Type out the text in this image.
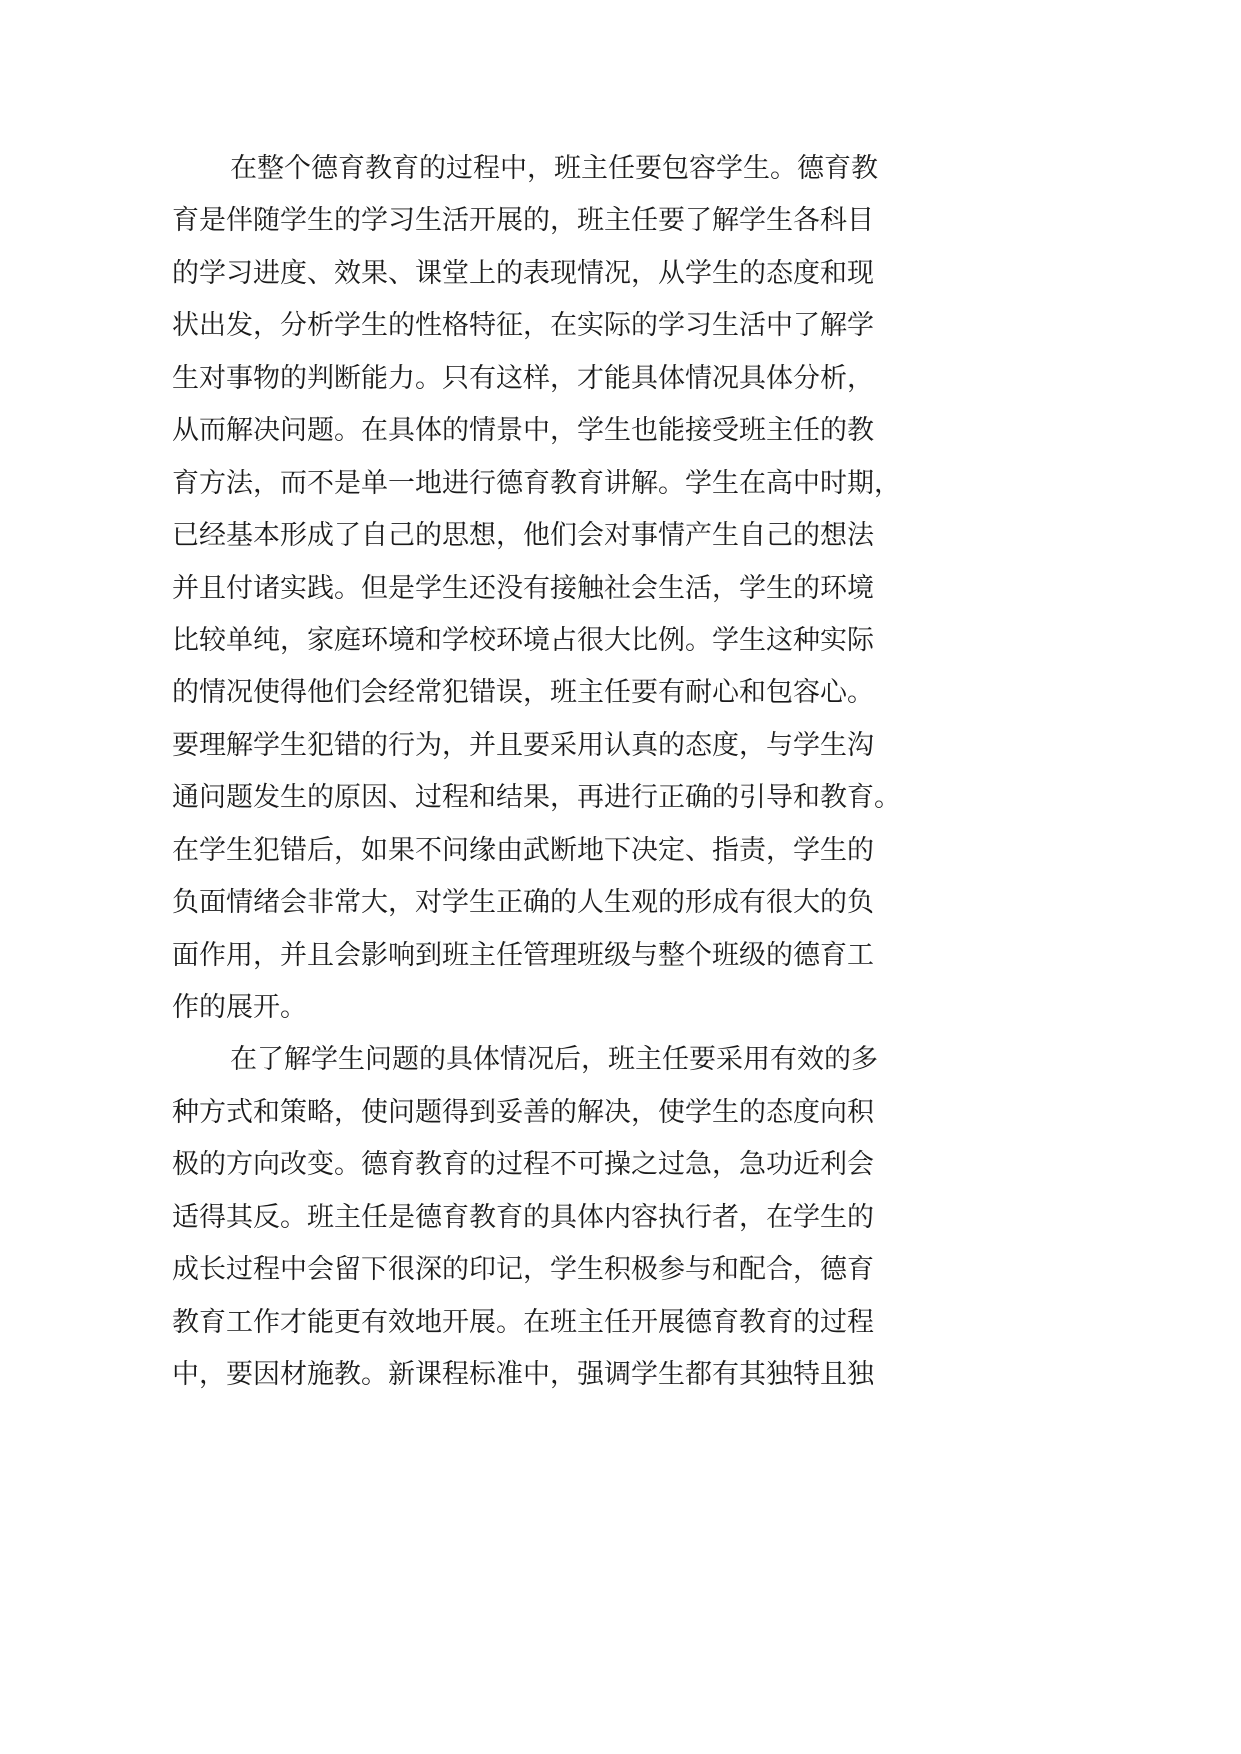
在整个德育教育的过程中，班主任要包容学生。德育教
育是伴随学生的学习生活开展的，班主任要了解学生各科目
的学习进度、效果、课堂上的表现情况，从学生的态度和现
状出发，分析学生的性格特征，在实际的学习生活中了解学
生对事物的判断能力。只有这样，才能具体情况具体分析，
从而解决问题。在具体的情景中，学生也能接受班主任的教
育方法，而不是单一地进行德育教育讲解。学生在高中时期，
已经基本形成了自己的思想，他们会对事情产生自己的想法
并且付诸实践。但是学生还没有接触社会生活，学生的环境
比较单纯，家庭环境和学校环境占很大比例。学生这种实际
的情况使得他们会经常犯错误，班主任要有耐心和包容心。
要理解学生犯错的行为，并且要采用认真的态度，与学生沟
通问题发生的原因、过程和结果，再进行正确的引导和教育。
在学生犯错后，如果不问缘由武断地下决定、指责，学生的
负面情绪会非常大，对学生正确的人生观的形成有很大的负
面作用，并且会影响到班主任管理班级与整个班级的德育工
作的展开。
在了解学生问题的具体情况后，班主任要采用有效的多
种方式和策略，使问题得到妥善的解决，使学生的态度向积
极的方向改变。德育教育的过程不可操之过急，急功近利会
适得其反。班主任是德育教育的具体内容执行者，在学生的
成长过程中会留下很深的印记，学生积极参与和配合，德育
教育工作才能更有效地开展。在班主任开展德育教育的过程
中，要因材施教。新课程标准中，强调学生都有其独特且独
